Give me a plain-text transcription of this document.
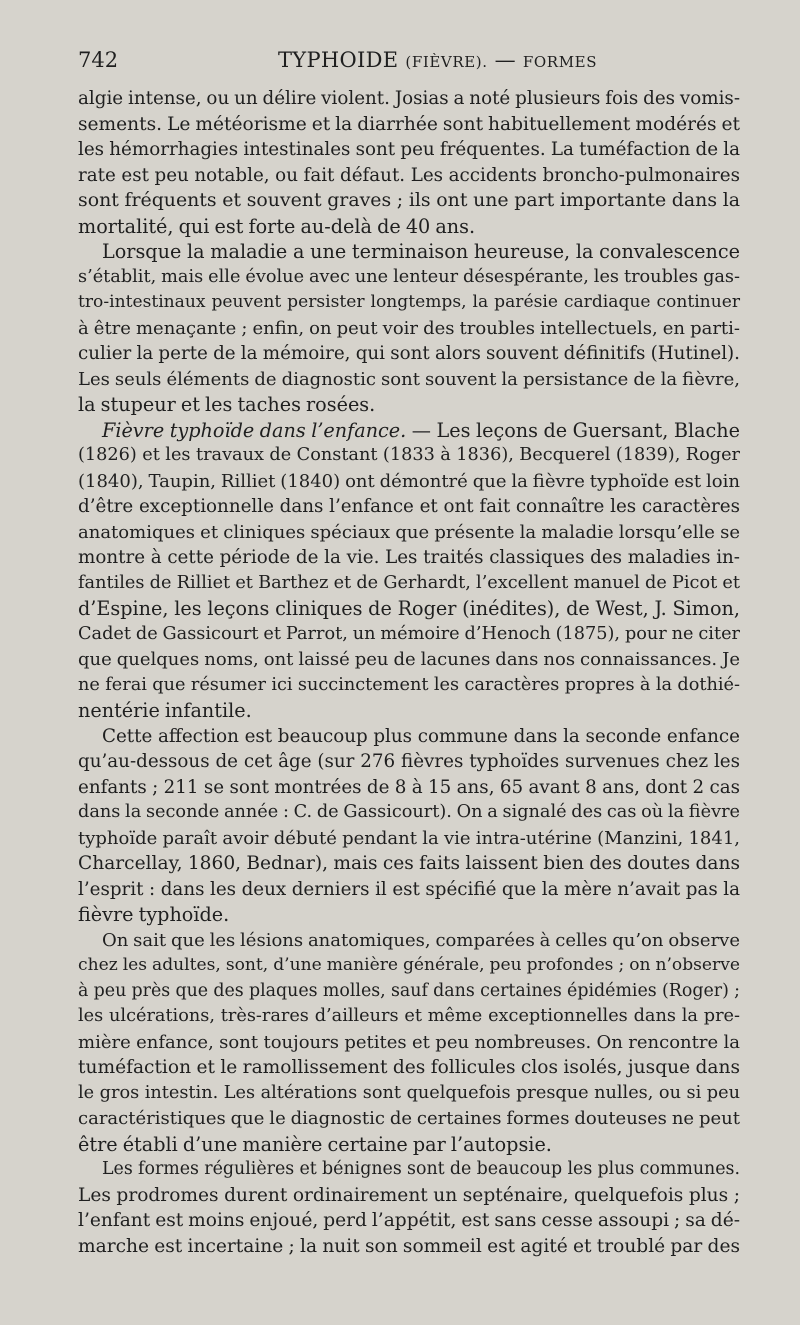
742	TYPHOIDE (FIÈVRE). — FORMES
algie intense, ou un délire violent. Josias a noté plusieurs fois des vomis-
sements. Le météorisme et la diarrhée sont habituellement modérés et
les hémorrhagies intestinales sont peu fréquentes. La tuméfaction de la
rate est peu notable, ou fait défaut. Les accidents broncho-pulmonaires
sont fréquents et souvent graves ; ils ont une part importante dans la
mortalité, qui est forte au-delà de 40 ans.
Lorsque la maladie a une terminaison heureuse, la convalescence
s’établit, mais elle évolue avec une lenteur désespérante, les troubles gas-
tro-intestinaux peuvent persister longtemps, la parésie cardiaque continuer
à être menaçante ; enfin, on peut voir des troubles intellectuels, en parti-
culier la perte de la mémoire, qui sont alors souvent définitifs (Hutinel).
Les seuls éléments de diagnostic sont souvent la persistance de la fièvre,
la stupeur et les taches rosées.
Fièvre typhoïde dans l’enfance. — Les leçons de Guersant, Blache
(1826) et les travaux de Constant (1833 à 1836), Becquerel (1839), Roger
(1840), Taupin, Rilliet (1840) ont démontré que la fièvre typhoïde est loin
d’être exceptionnelle dans l’enfance et ont fait connaître les caractères
anatomiques et cliniques spéciaux que présente la maladie lorsqu’elle se
montre à cette période de la vie. Les traités classiques des maladies in-
fantiles de Rilliet et Barthez et de Gerhardt, l’excellent manuel de Picot et
d’Espine, les leçons cliniques de Roger (inédites), de West, J. Simon,
Cadet de Gassicourt et Parrot, un mémoire d’Henoch (1875), pour ne citer
que quelques noms, ont laissé peu de lacunes dans nos connaissances. Je
ne ferai que résumer ici succinctement les caractères propres à la dothié-
nentérie infantile.
Cette affection est beaucoup plus commune dans la seconde enfance
qu’au-dessous de cet âge (sur 276 fièvres typhoïdes survenues chez les
enfants ; 211 se sont montrées de 8 à 15 ans, 65 avant 8 ans, dont 2 cas
dans la seconde année : C. de Gassicourt). On a signalé des cas où la fièvre
typhoïde paraît avoir débuté pendant la vie intra-utérine (Manzini, 1841,
Charcellay, 1860, Bednar), mais ces faits laissent bien des doutes dans
l’esprit : dans les deux derniers il est spécifié que la mère n’avait pas la
fièvre typhoïde.
On sait que les lésions anatomiques, comparées à celles qu’on observe
chez les adultes, sont, d’une manière générale, peu profondes ; on n’observe
à peu près que des plaques molles, sauf dans certaines épidémies (Roger) ;
les ulcérations, très-rares d’ailleurs et même exceptionnelles dans la pre-
mière enfance, sont toujours petites et peu nombreuses. On rencontre la
tuméfaction et le ramollissement des follicules clos isolés, jusque dans
le gros intestin. Les altérations sont quelquefois presque nulles, ou si peu
caractéristiques que le diagnostic de certaines formes douteuses ne peut
être établi d’une manière certaine par l’autopsie.
Les formes régulières et bénignes sont de beaucoup les plus communes.
Les prodromes durent ordinairement un septénaire, quelquefois plus ;
l’enfant est moins enjoué, perd l’appétit, est sans cesse assoupi ; sa dé-
marche est incertaine ; la nuit son sommeil est agité et troublé par des
